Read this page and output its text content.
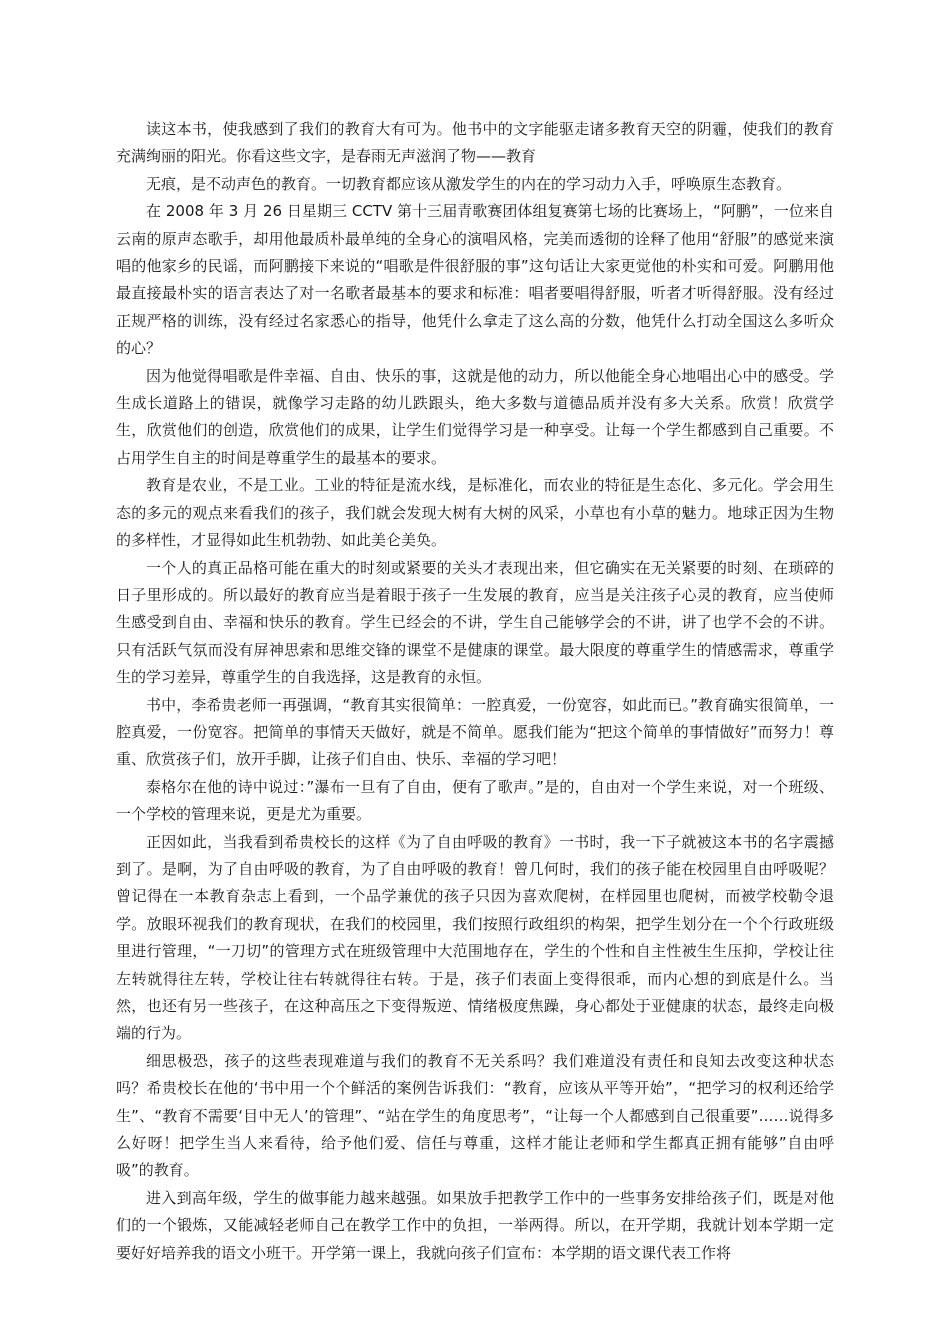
读这本书，使我感到了我们的教育大有可为。他书中的文字能驱走诸多教育天空的阴霾，使我们的教育充满绚丽的阳光。你看这些文字，是春雨无声滋润了物——教育

无痕，是不动声色的教育。一切教育都应该从激发学生的内在的学习动力入手，呼唤原生态教育。

在 2008 年 3 月 26 日星期三 CCTV 第十三届青歌赛团体组复赛第七场的比赛场上，“阿鹏”，一位来自云南的原声态歌手，却用他最质朴最单纯的全身心的演唱风格，完美而透彻的诠释了他用“舒服”的感觉来演唱的他家乡的民谣，而阿鹏接下来说的“唱歌是件很舒服的事”这句话让大家更觉他的朴实和可爱。阿鹏用他最直接最朴实的语言表达了对一名歌者最基本的要求和标准：唱者要唱得舒服，听者才听得舒服。没有经过正规严格的训练，没有经过名家悉心的指导，他凭什么拿走了这么高的分数，他凭什么打动全国这么多听众的心？

因为他觉得唱歌是件幸福、自由、快乐的事，这就是他的动力，所以他能全身心地唱出心中的感受。学生成长道路上的错误，就像学习走路的幼儿跌跟头，绝大多数与道德品质并没有多大关系。欣赏！欣赏学生，欣赏他们的创造，欣赏他们的成果，让学生们觉得学习是一种享受。让每一个学生都感到自己重要。不占用学生自主的时间是尊重学生的最基本的要求。

教育是农业，不是工业。工业的特征是流水线，是标准化，而农业的特征是生态化、多元化。学会用生态的多元的观点来看我们的孩子，我们就会发现大树有大树的风采，小草也有小草的魅力。地球正因为生物的多样性，才显得如此生机勃勃、如此美仑美奂。

一个人的真正品格可能在重大的时刻或紧要的关头才表现出来，但它确实在无关紧要的时刻、在琐碎的日子里形成的。所以最好的教育应当是着眼于孩子一生发展的教育，应当是关注孩子心灵的教育，应当使师生感受到自由、幸福和快乐的教育。学生已经会的不讲，学生自己能够学会的不讲，讲了也学不会的不讲。只有活跃气氛而没有屏神思索和思维交锋的课堂不是健康的课堂。最大限度的尊重学生的情感需求，尊重学生的学习差异，尊重学生的自我选择，这是教育的永恒。

书中，李希贵老师一再强调，“教育其实很简单：一腔真爱，一份宽容，如此而已。”教育确实很简单，一腔真爱，一份宽容。把简单的事情天天做好，就是不简单。愿我们能为“把这个简单的事情做好”而努力！尊重、欣赏孩子们，放开手脚，让孩子们自由、快乐、幸福的学习吧！

泰格尔在他的诗中说过：”瀑布一旦有了自由，便有了歌声。”是的，自由对一个学生来说，对一个班级、一个学校的管理来说，更是尤为重要。

正因如此，当我看到希贵校长的这样《为了自由呼吸的教育》一书时，我一下子就被这本书的名字震撼到了。是啊，为了自由呼吸的教育，为了自由呼吸的教育！曾几何时，我们的孩子能在校园里自由呼吸呢？曾记得在一本教育杂志上看到，一个品学兼优的孩子只因为喜欢爬树，在样园里也爬树，而被学校勒令退学。放眼环视我们的教育现状，在我们的校园里，我们按照行政组织的构架，把学生划分在一个个行政班级里进行管理，“一刀切”的管理方式在班级管理中大范围地存在，学生的个性和自主性被生生压抑，学校让往左转就得往左转，学校让往右转就得往右转。于是，孩子们表面上变得很乖，而内心想的到底是什么。当然，也还有另一些孩子，在这种高压之下变得叛逆、情绪极度焦躁，身心都处于亚健康的状态，最终走向极端的行为。

细思极恐，孩子的这些表现难道与我们的教育不无关系吗？我们难道没有责任和良知去改变这种状态吗？希贵校长在他的‘书中用一个个鲜活的案例告诉我们：“教育，应该从平等开始”，“把学习的权利还给学生”、“教育不需要‘目中无人’的管理”、“站在学生的角度思考”，“让每一个人都感到自己很重要”……说得多么好呀！把学生当人来看待，给予他们爱、信任与尊重，这样才能让老师和学生都真正拥有能够”自由呼吸”的教育。

进入到高年级，学生的做事能力越来越强。如果放手把教学工作中的一些事务安排给孩子们，既是对他们的一个锻炼，又能减轻老师自己在教学工作中的负担，一举两得。所以，在开学期，我就计划本学期一定要好好培养我的语文小班干。开学第一课上，我就向孩子们宣布：本学期的语文课代表工作将
